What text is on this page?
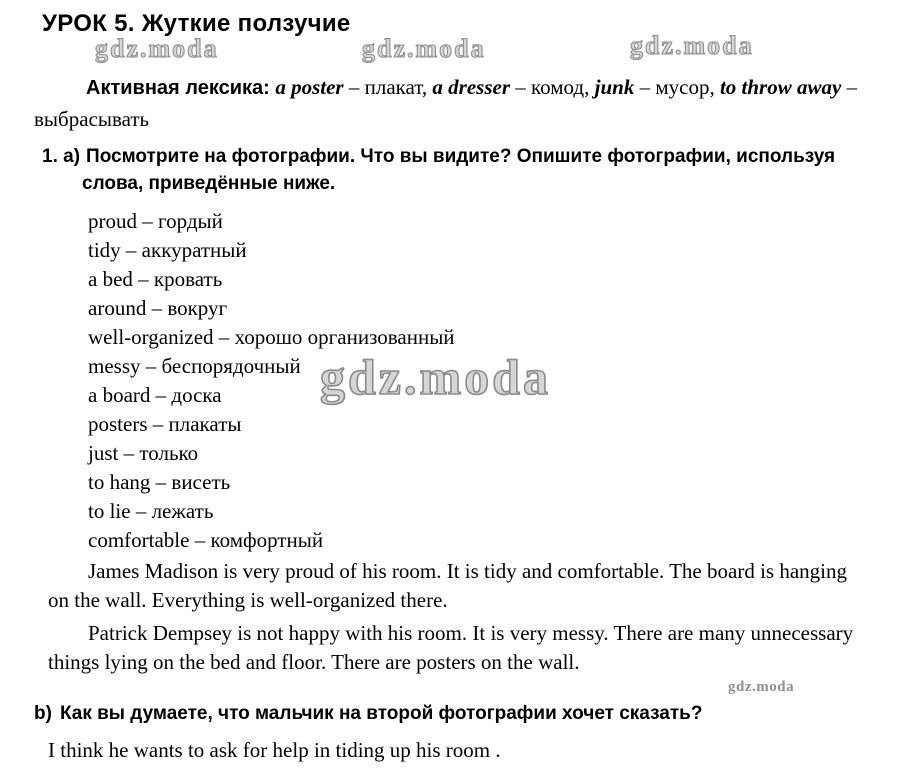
УРОК 5. Жуткие ползучие
gdz.moda	gdz.moda	gdz.moda
gdz.moda
gdz.moda
Активная лексика: a poster – плакат, a dresser – комод, junk – мусор, to throw away – выбрасывать
1. a) Посмотрите на фотографии. Что вы видите? Опишите фотографии, используя слова, приведённые ниже.
proud – гордый
tidy – аккуратный
a bed – кровать
around – вокруг
well-organized – хорошо организованный
messy – беспорядочный
a board – доска
posters – плакаты
just – только
to hang – висеть
to lie – лежать
comfortable – комфортный
James Madison is very proud of his room. It is tidy and comfortable. The board is hanging on the wall. Everything is well-organized there.
Patrick Dempsey is not happy with his room. It is very messy. There are many unnecessary things lying on the bed and floor. There are posters on the wall.
b) Как вы думаете, что мальчик на второй фотографии хочет сказать?
I think he wants to ask for help in tiding up his room .
